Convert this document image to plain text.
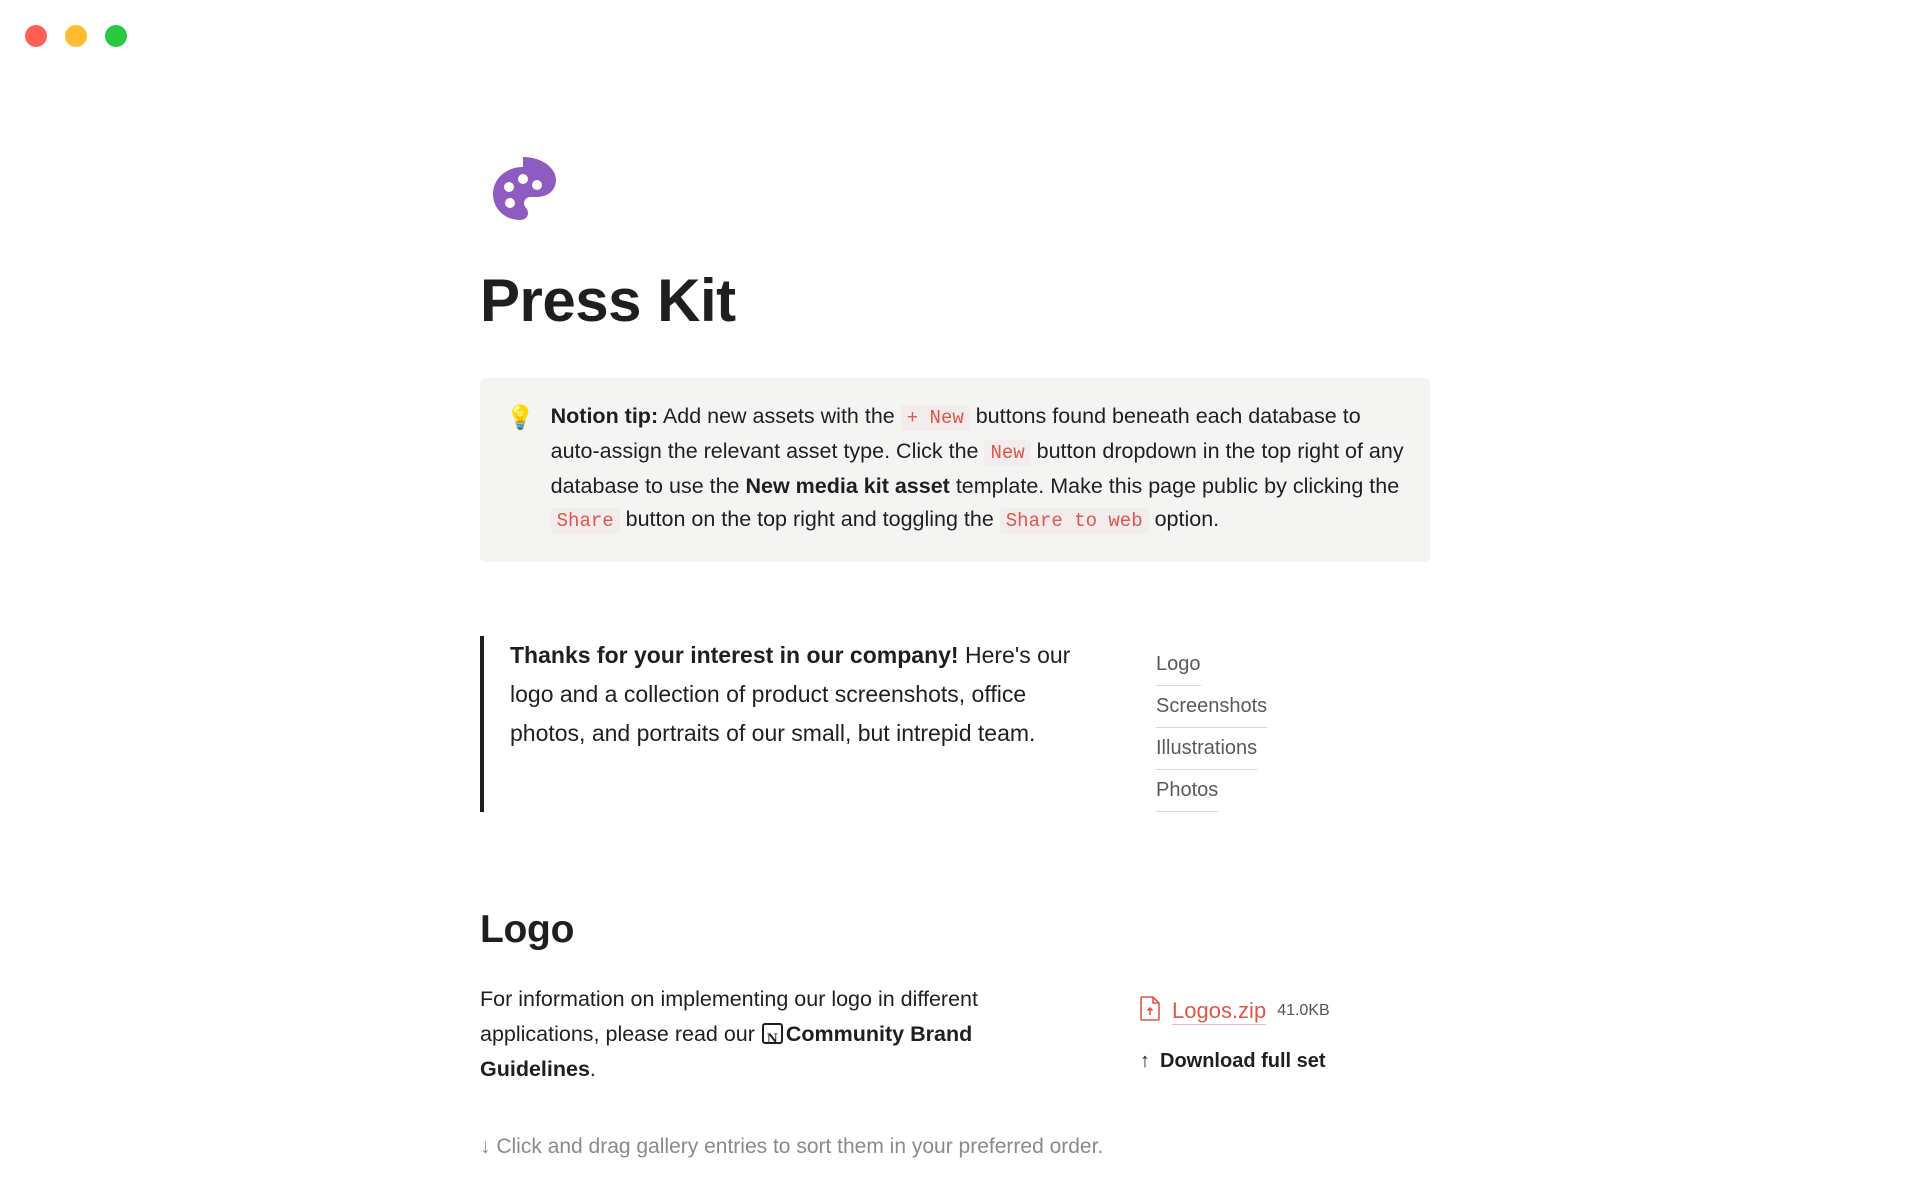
Press Kit
💡 Notion tip: Add new assets with the + New buttons found beneath each database to auto-assign the relevant asset type. Click the New button dropdown in the top right of any database to use the New media kit asset template. Make this page public by clicking the Share button on the top right and toggling the Share to web option.
Thanks for your interest in our company! Here's our logo and a collection of product screenshots, office photos, and portraits of our small, but intrepid team.
Logo
Screenshots
Illustrations
Photos
Logo
For information on implementing our logo in different applications, please read our NCommunity Brand Guidelines.
Logos.zip 41.0KB
↑ Download full set
↓ Click and drag gallery entries to sort them in your preferred order.
